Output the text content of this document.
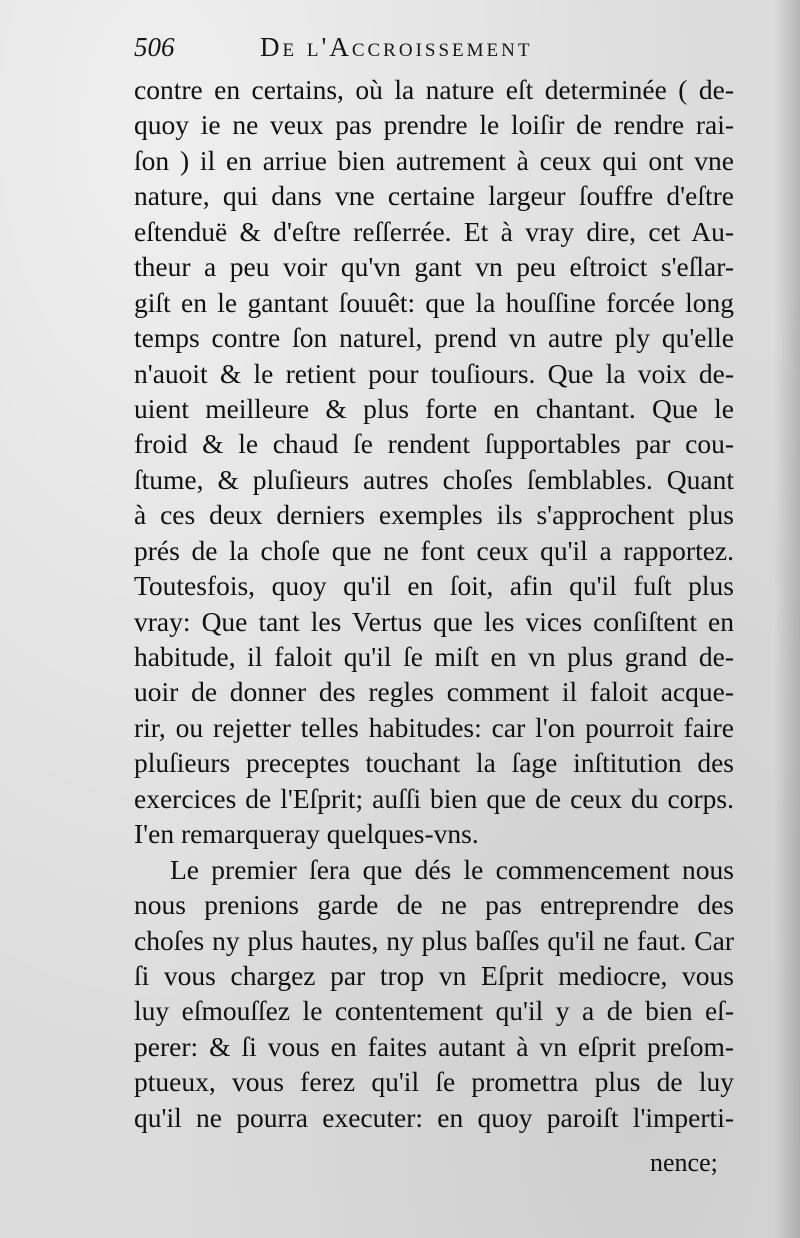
506	De l'Accroissement
contre en certains, où la nature eſt determinée ( de-
quoy ie ne veux pas prendre le loiſir de rendre rai-
ſon ) il en arriue bien autrement à ceux qui ont vne
nature, qui dans vne certaine largeur ſouffre d'eſtre
eſtenduë & d'eſtre reſſerrée. Et à vray dire, cet Au-
theur a peu voir qu'vn gant vn peu eſtroict s'eſlar-
giſt en le gantant ſouuêt: que la houſſine forcée long
temps contre ſon naturel, prend vn autre ply qu'elle
n'auoit & le retient pour touſiours. Que la voix de-
uient meilleure & plus forte en chantant. Que le
froid & le chaud ſe rendent ſupportables par cou-
ſtume, & pluſieurs autres choſes ſemblables. Quant
à ces deux derniers exemples ils s'approchent plus
prés de la choſe que ne font ceux qu'il a rapportez.
Toutesfois, quoy qu'il en ſoit, afin qu'il fuſt plus
vray: Que tant les Vertus que les vices conſiſtent en
habitude, il faloit qu'il ſe miſt en vn plus grand de-
uoir de donner des regles comment il faloit acque-
rir, ou rejetter telles habitudes: car l'on pourroit faire
pluſieurs preceptes touchant la ſage inſtitution des
exercices de l'Eſprit; auſſi bien que de ceux du corps.
I'en remarqueray quelques-vns.
Le premier ſera que dés le commencement nous
nous prenions garde de ne pas entreprendre des
choſes ny plus hautes, ny plus baſſes qu'il ne faut. Car
ſi vous chargez par trop vn Eſprit mediocre, vous
luy eſmouſſez le contentement qu'il y a de bien eſ-
perer: & ſi vous en faites autant à vn eſprit preſom-
ptueux, vous ferez qu'il ſe promettra plus de luy
qu'il ne pourra executer: en quoy paroiſt l'imperti-
nence;
